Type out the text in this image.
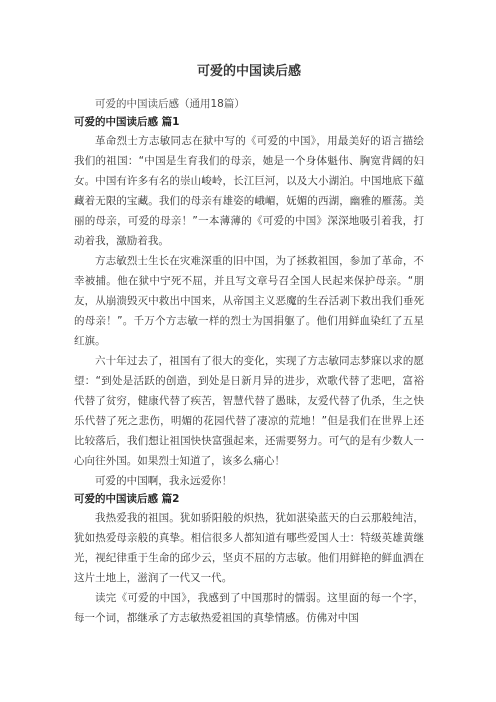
可爱的中国读后感

可爱的中国读后感（通用18篇）

可爱的中国读后感 篇1

革命烈士方志敏同志在狱中写的《可爱的中国》，用最美好的语言描绘我们的祖国：“中国是生育我们的母亲，她是一个身体魁伟、胸宽背阔的妇女。中国有许多有名的崇山峻岭，长江巨河，以及大小湖泊。中国地底下蕴藏着无限的宝藏。我们的母亲有雄姿的峨嵋，妩媚的西湖，幽雅的雁荡。美丽的母亲，可爱的母亲！”一本薄薄的《可爱的中国》深深地吸引着我，打动着我，激励着我。

方志敏烈士生长在灾难深重的旧中国，为了拯救祖国，参加了革命，不幸被捕。他在狱中宁死不屈，并且写文章号召全国人民起来保护母亲。“朋友，从崩溃毁灭中救出中国来，从帝国主义恶魔的生吞活剥下救出我们垂死的母亲！”。千万个方志敏一样的烈士为国捐躯了。他们用鲜血染红了五星红旗。

六十年过去了，祖国有了很大的变化，实现了方志敏同志梦寐以求的愿望：“到处是活跃的创造，到处是日新月异的进步，欢歌代替了悲吧，富裕代替了贫穷，健康代替了疾苦，智慧代替了愚昧，友爱代替了仇杀，生之快乐代替了死之悲伤，明媚的花园代替了凄凉的荒地！”但是我们在世界上还比较落后，我们想让祖国快快富强起来，还需要努力。可气的是有少数人一心向往外国。如果烈士知道了，该多么痛心！

可爱的中国啊，我永远爱你！

可爱的中国读后感 篇2

我热爱我的祖国。犹如骄阳般的炽热，犹如湛染蓝天的白云那般纯洁，犹如热爱母亲般的真挚。相信很多人都知道有哪些爱国人士：特级英雄黄继光，视纪律重于生命的邱少云，坚贞不屈的方志敏。他们用鲜艳的鲜血洒在这片土地上，滋润了一代又一代。

读完《可爱的中国》，我感到了中国那时的懦弱。这里面的每一个字，每一个词，都继承了方志敏热爱祖国的真挚情感。仿佛对中国
